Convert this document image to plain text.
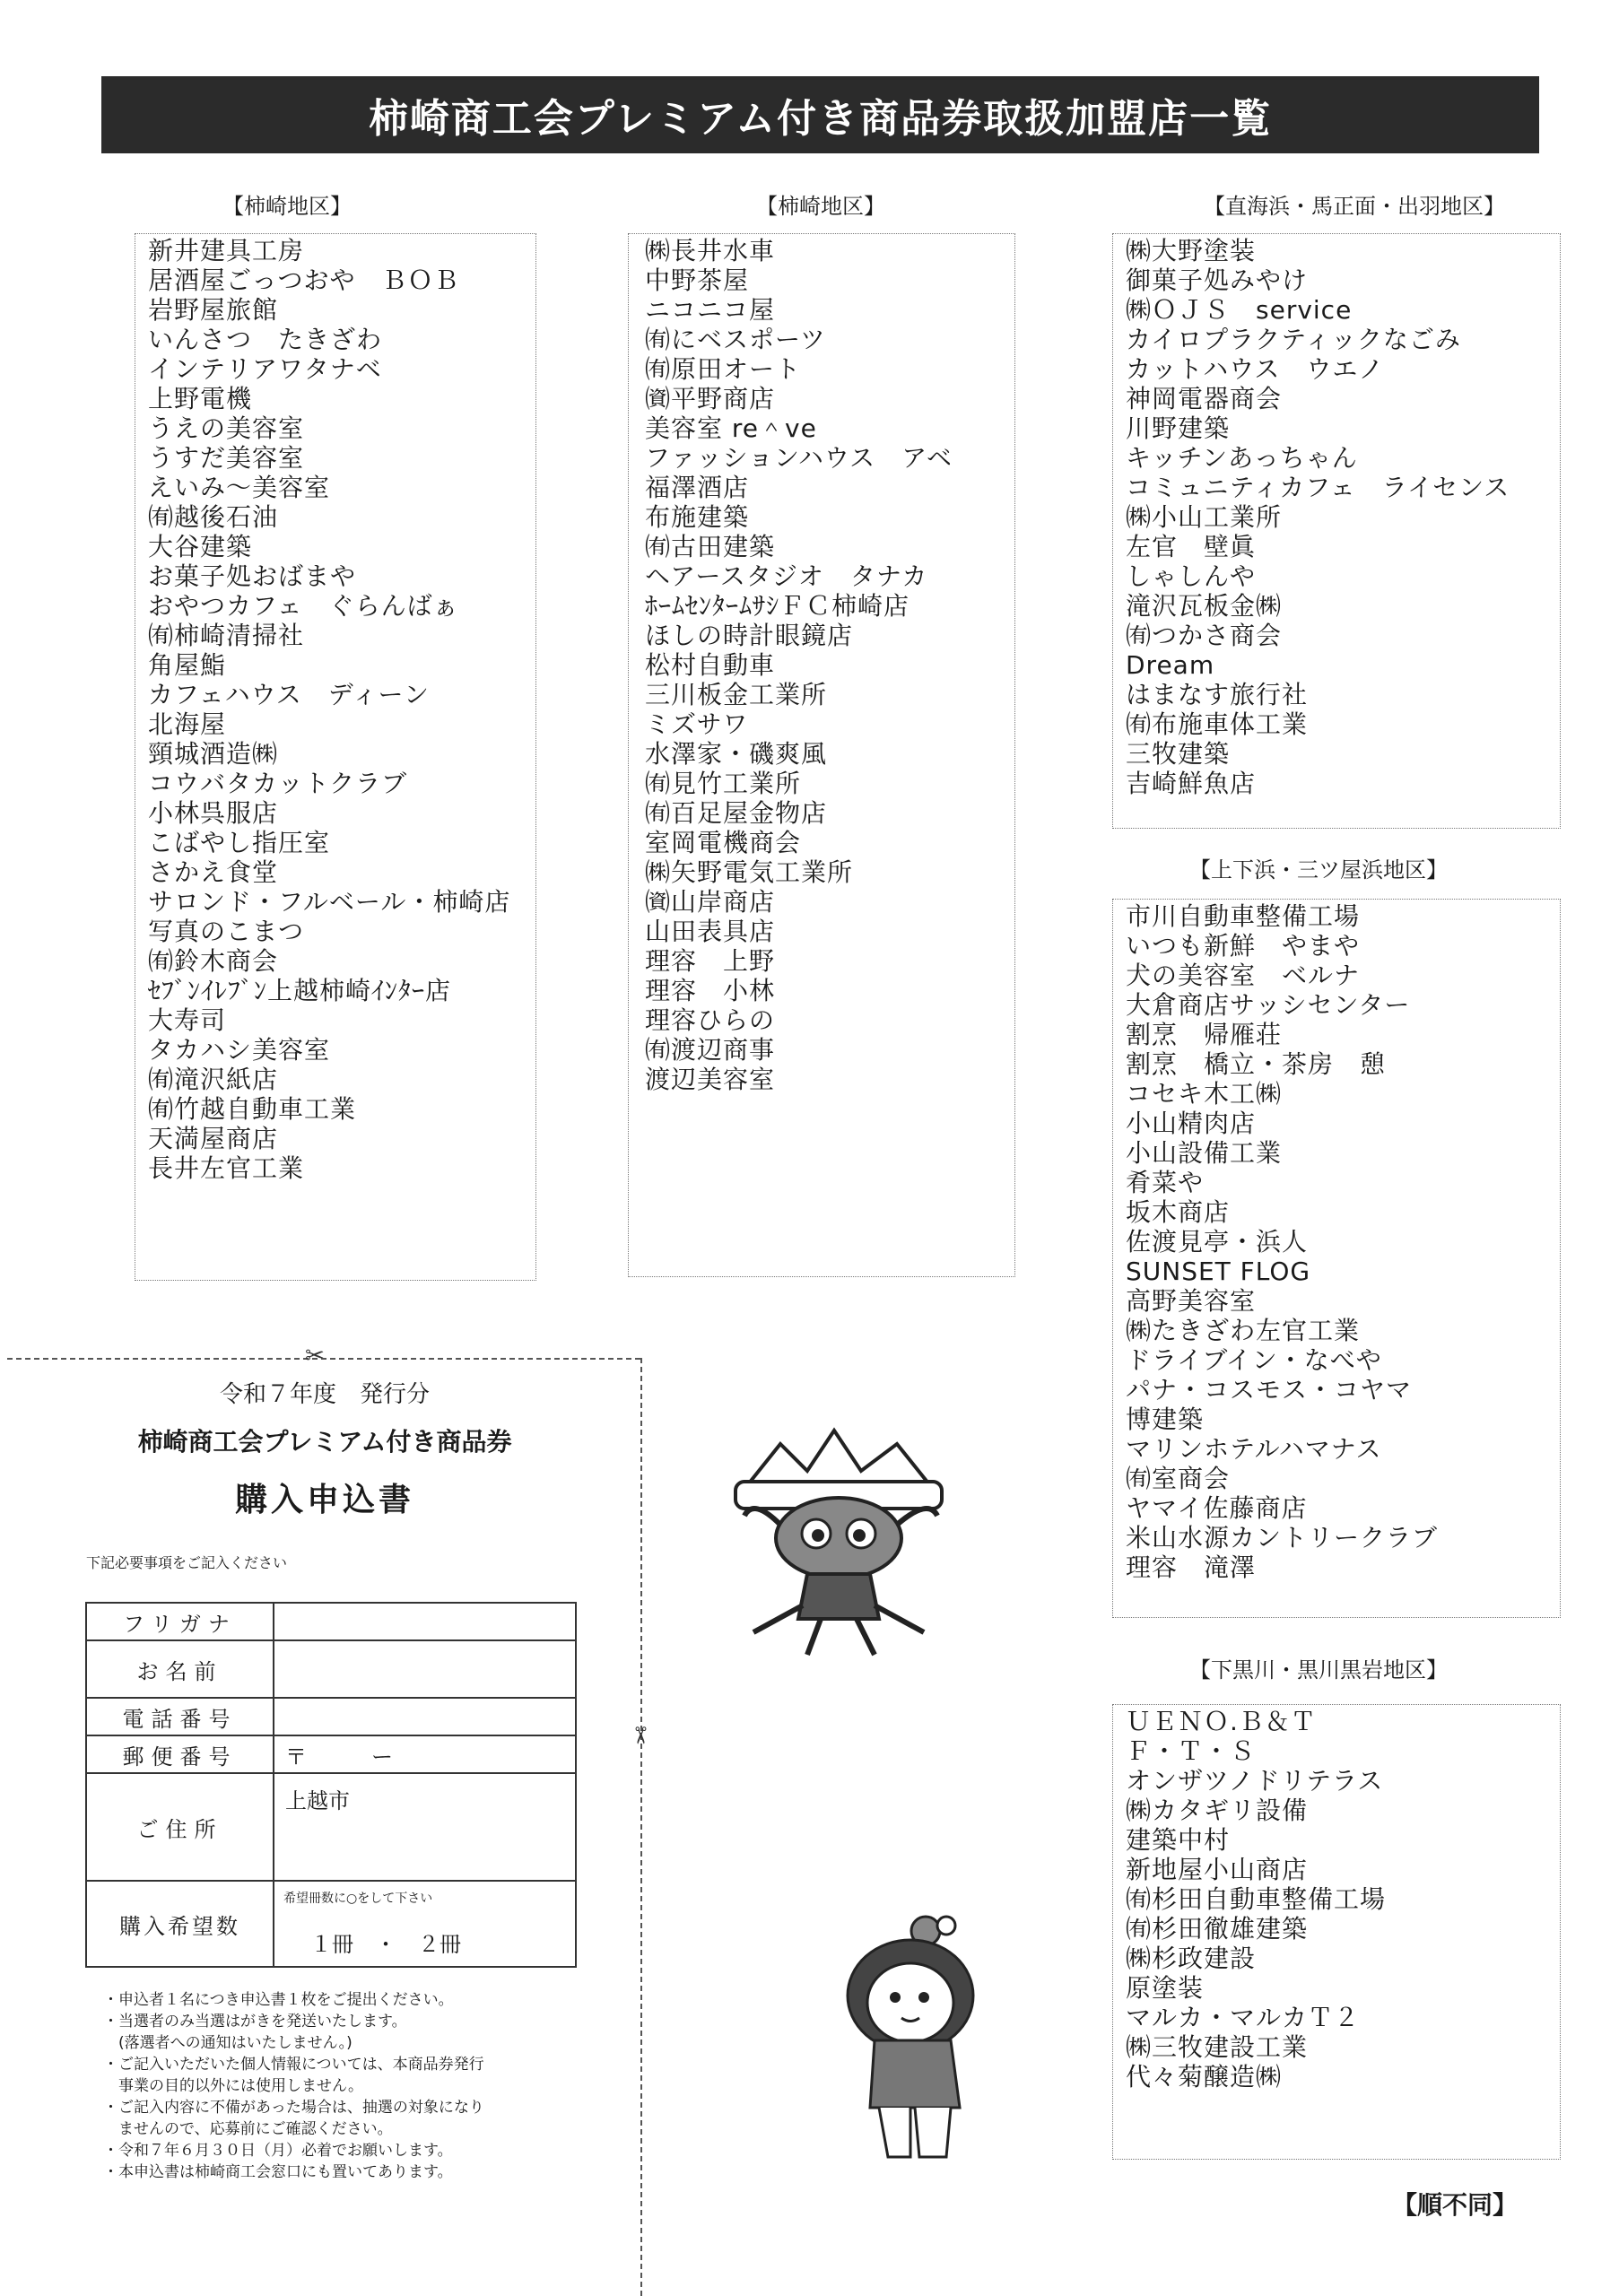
柿崎商工会プレミアム付き商品券取扱加盟店一覧
【柿崎地区】
新井建具工房
居酒屋ごっつおや　ＢＯＢ
岩野屋旅館
いんさつ　たきざわ
インテリアワタナベ
上野電機
うえの美容室
うすだ美容室
えいみ～美容室
㈲越後石油
大谷建築
お菓子処おばまや
おやつカフェ　ぐらんばぁ
㈲柿崎清掃社
角屋鮨
カフェハウス　ディーン
北海屋
頸城酒造㈱
コウバタカットクラブ
小林呉服店
こばやし指圧室
さかえ食堂
サロンド・フルベール・柿崎店
写真のこまつ
㈲鈴木商会
ｾﾌﾞﾝｲﾚﾌﾞﾝ上越柿崎ｲﾝﾀｰ店
大寿司
タカハシ美容室
㈲滝沢紙店
㈲竹越自動車工業
天満屋商店
長井左官工業
【柿崎地区】
㈱長井水車
中野茶屋
ニコニコ屋
㈲にベスポーツ
㈲原田オート
㈾平野商店
美容室 re＾ve
ファッションハウス　アベ
福澤酒店
布施建築
㈲古田建築
ヘアースタジオ　タナカ
ﾎｰﾑｾﾝﾀｰﾑｻｼＦＣ柿崎店
ほしの時計眼鏡店
松村自動車
三川板金工業所
ミズサワ
水澤家・磯爽風
㈲見竹工業所
㈲百足屋金物店
室岡電機商会
㈱矢野電気工業所
㈾山岸商店
山田表具店
理容　上野
理容　小林
理容ひらの
㈲渡辺商事
渡辺美容室
【直海浜・馬正面・出羽地区】
㈱大野塗装
御菓子処みやけ
㈱ＯＪＳ　service
カイロプラクティックなごみ
カットハウス　ウエノ
神岡電器商会
川野建築
キッチンあっちゃん
コミュニティカフェ　ライセンス
㈱小山工業所
左官　壁眞
しゃしんや
滝沢瓦板金㈱
㈲つかさ商会
Dream
はまなす旅行社
㈲布施車体工業
三牧建築
吉崎鮮魚店
【上下浜・三ツ屋浜地区】
市川自動車整備工場
いつも新鮮　やまや
犬の美容室　ベルナ
大倉商店サッシセンター
割烹　帰雁荘
割烹　橋立・茶房　憩
コセキ木工㈱
小山精肉店
小山設備工業
肴菜や
坂木商店
佐渡見亭・浜人
SUNSET FLOG
高野美容室
㈱たきざわ左官工業
ドライブイン・なべや
パナ・コスモス・コヤマ
博建築
マリンホテルハマナス
㈲室商会
ヤマイ佐藤商店
米山水源カントリークラブ
理容　滝澤
【下黒川・黒川黒岩地区】
ＵＥＮＯ.Ｂ＆Ｔ
Ｆ・Ｔ・Ｓ
オンザツノドリテラス
㈱カタギリ設備
建築中村
新地屋小山商店
㈲杉田自動車整備工場
㈲杉田徹雄建築
㈱杉政建設
原塗装
マルカ・マルカＴ２
㈱三牧建設工業
代々菊醸造㈱
【順不同】
✂
✂
令和７年度　発行分
柿崎商工会プレミアム付き商品券
購入申込書
下記必要事項をご記入ください
フリガナ	
お名前	
電話番号	
郵便番号	〒　　　ー
ご住所	上越市
購入希望数	希望冊数に○をして下さい
１冊　・　２冊
・申込者１名につき申込書１枚をご提出ください。
・当選者のみ当選はがきを発送いたします。
　(落選者への通知はいたしません。)
・ご記入いただいた個人情報については、本商品券発行
　事業の目的以外には使用しません。
・ご記入内容に不備があった場合は、抽選の対象になり
　ませんので、応募前にご確認ください。
・令和７年６月３０日（月）必着でお願いします。
・本申込書は柿崎商工会窓口にも置いてあります。
